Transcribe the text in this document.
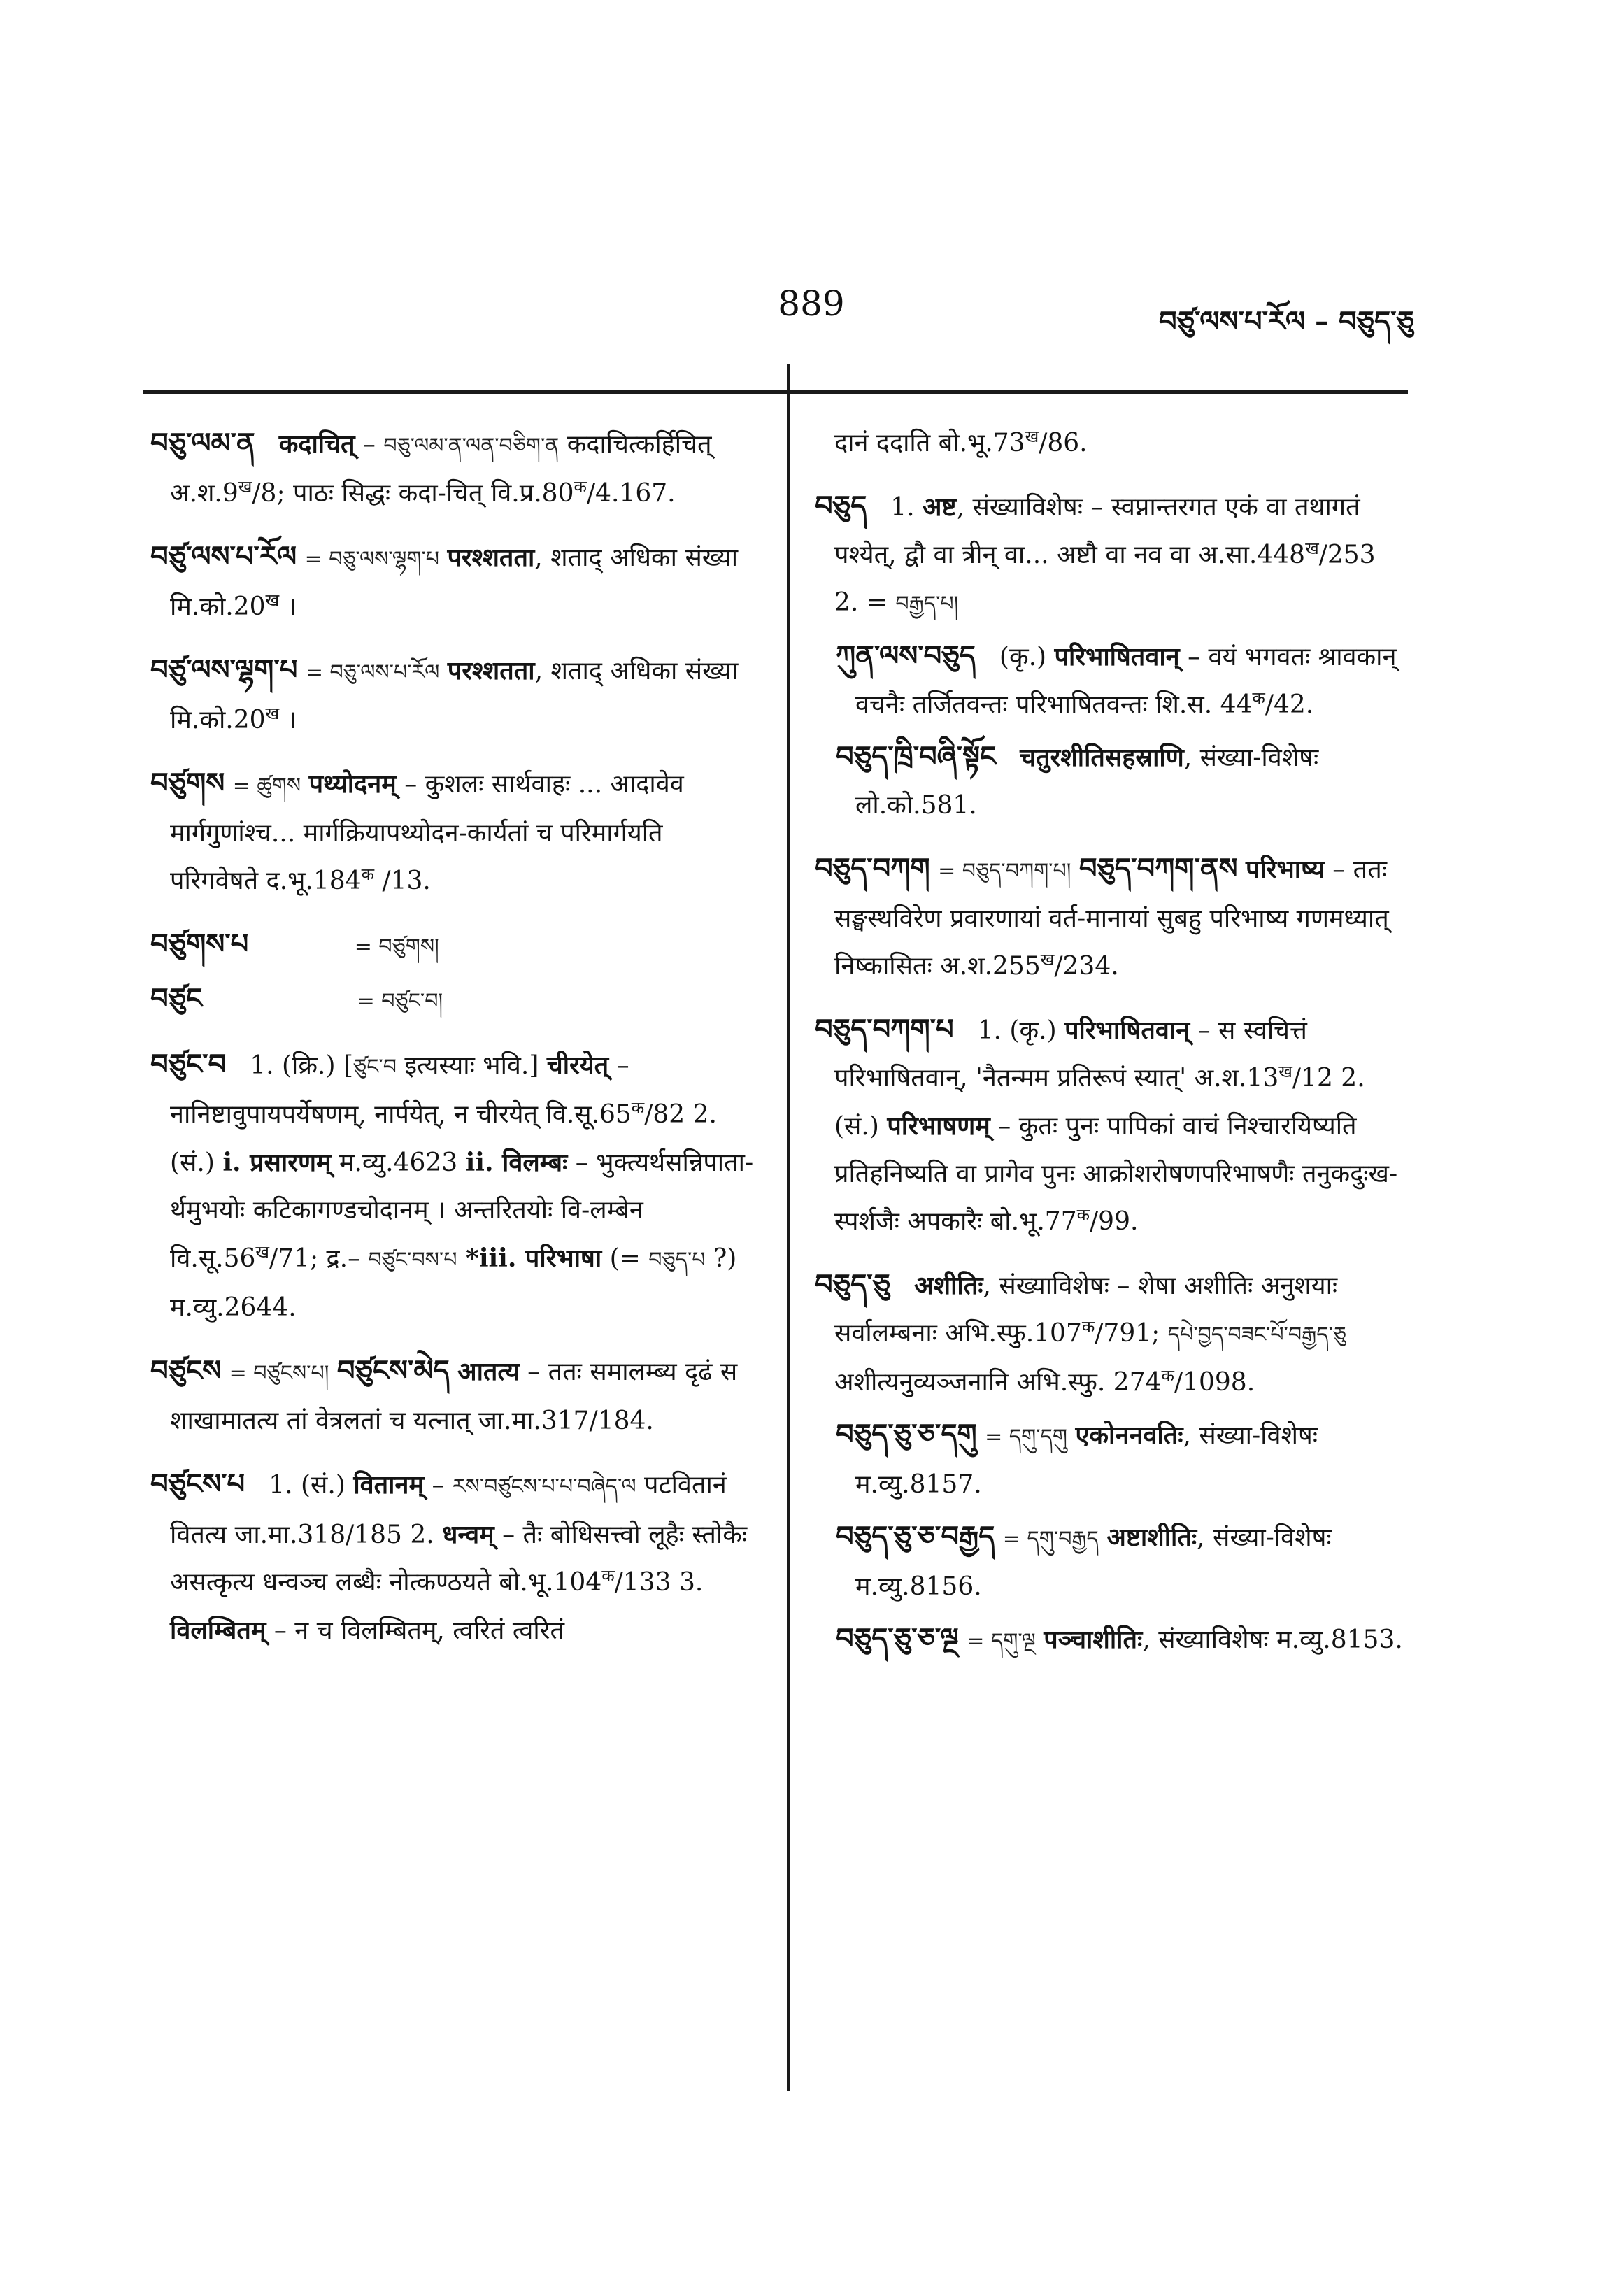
889	བཙུ་ལས་པ་རོལ – བཅུད་ཅུ

བཅུ་ལམ་ན कदाचित् – བཅུ་ལམ་ན་ལན་བཅིག་ན कदाचित्कर्हिचित् $अ.श.9^ख/8$; पाठः सिद्धः कदा-चित् $वि.प्र.80^क/4.167$.

བཙུ་ལས་པ་རོལ = བཅུ་ལས་ལྷག་པ परश्शतता, शताद् अधिका संख्या $मि.को.20^ख$ ।

བཙུ་ལས་ལྷག་པ = བཅུ་ལས་པ་རོལ परश्शतता, शताद् अधिका संख्या $मि.को.20^ख$ ।

བཙུགས = ཚུགས पथ्योदनम् – कुशलः सार्थवाहः ... आदावेव मार्गगुणांश्च... मार्गक्रियापथ्योदन-कार्यतां च परिमार्गयति परिगवेषते $द.भू.184^क$ /13.

བཙུགས་པ	= བཙུགས།

བཙུང	= བཙུང་བ།

བཙུང་བ 1. (क्रि.) [ཙུང་བ इत्यस्याः भवि.] चीरयेत् – नानिष्टावुपायपर्येषणम्, नार्पयेत्, न चीरयेत् $वि.सू.65^क/82$ 2. (सं.) i. प्रसारणम् म.व्यु.4623 ii. विलम्बः – भुक्त्यर्थसन्निपाता-र्थमुभयोः कटिकागण्डचोदानम् । अन्तरितयोः वि-लम्बेन $वि.सू.56^ख/71$; द्र.– བཙུང་བས་པ *iii. परिभाषा (= བཅུད་པ ?) म.व्यु.2644.

བཙུངས = བཙུངས་པ། བཙུངས་མེད आतत्य – ततः समालम्ब्य दृढं स शाखामातत्य तां वेत्रलतां च यत्नात् जा.मा.317/184.

བཙུངས་པ 1. (सं.) वितानम् – རས་བཙུངས་པ་པ་བཞེད་ལ पटवितानं वितत्य जा.मा.318/185 2. धन्वम् – तैः बोधिसत्त्वो लूहैः स्तोकैः असत्कृत्य धन्वञ्च लब्धैः नोत्कण्ठयते $बो.भू.104^क/133$ 3. विलम्बितम् – न च विलम्बितम्, त्वरितं त्वरितं

दानं ददाति $बो.भू.73^ख/86$.

བཅུད 1. अष्ट, संख्याविशेषः – स्वप्नान्तरगत एकं वा तथागतं पश्येत्, द्वौ वा त्रीन् वा... अष्टौ वा नव वा $अ.सा.448^ख/253$ 2. = བརྒྱད་པ།

ཀུན་ལས་བཅུད (कृ.) परिभाषितवान् – वयं भगवतः श्रावकान् वचनैः तर्जितवन्तः परिभाषितवन्तः शि.स. $44^क/42$.

བཅུད་ཁྲི་བཞི་སྟོང चतुरशीतिसहस्राणि, संख्या-विशेषः लो.को.581.

བཅུད་བཀག = བཅུད་བཀག་པ། བཅུད་བཀག་ནས परिभाष्य – ततः सङ्घस्थविरेण प्रवारणायां वर्त-मानायां सुबहु परिभाष्य गणमध्यात् निष्कासितः $अ.श.255^ख/234$.

བཅུད་བཀག་པ 1. (कृ.) परिभाषितवान् – स स्वचित्तं परिभाषितवान्, 'नैतन्मम प्रतिरूपं स्यात्' $अ.श.13^ख/12$ 2. (सं.) परिभाषणम् – कुतः पुनः पापिकां वाचं निश्चारयिष्यति प्रतिहनिष्यति वा प्रागेव पुनः आक्रोशरोषणपरिभाषणैः तनुकदुःख-स्पर्शजैः अपकारैः $बो.भू.77^क/99$.

བཅུད་ཅུ अशीतिः, संख्याविशेषः – शेषा अशीतिः अनुशयाः सर्वालम्बनाः $अभि.स्फु.107^क/791$; དཔེ་བྱད་བཟང་པོ་བརྒྱད་ཅུ अशीत्यनुव्यञ्जनानि अभि.स्फु. $274^क/1098$.

བཅུད་ཅུ་ཅ་དགུ = དགུ་དགུ एकोननवतिः, संख्या-विशेषः म.व्यु.8157.

བཅུད་ཅུ་ཅ་བརྒྱད = དགུ་བརྒྱད अष्टाशीतिः, संख्या-विशेषः म.व्यु.8156.

བཅུད་ཅུ་ཅ་ལྔ = དགུ་ལྔ पञ्चाशीतिः, संख्याविशेषः म.व्यु.8153.
